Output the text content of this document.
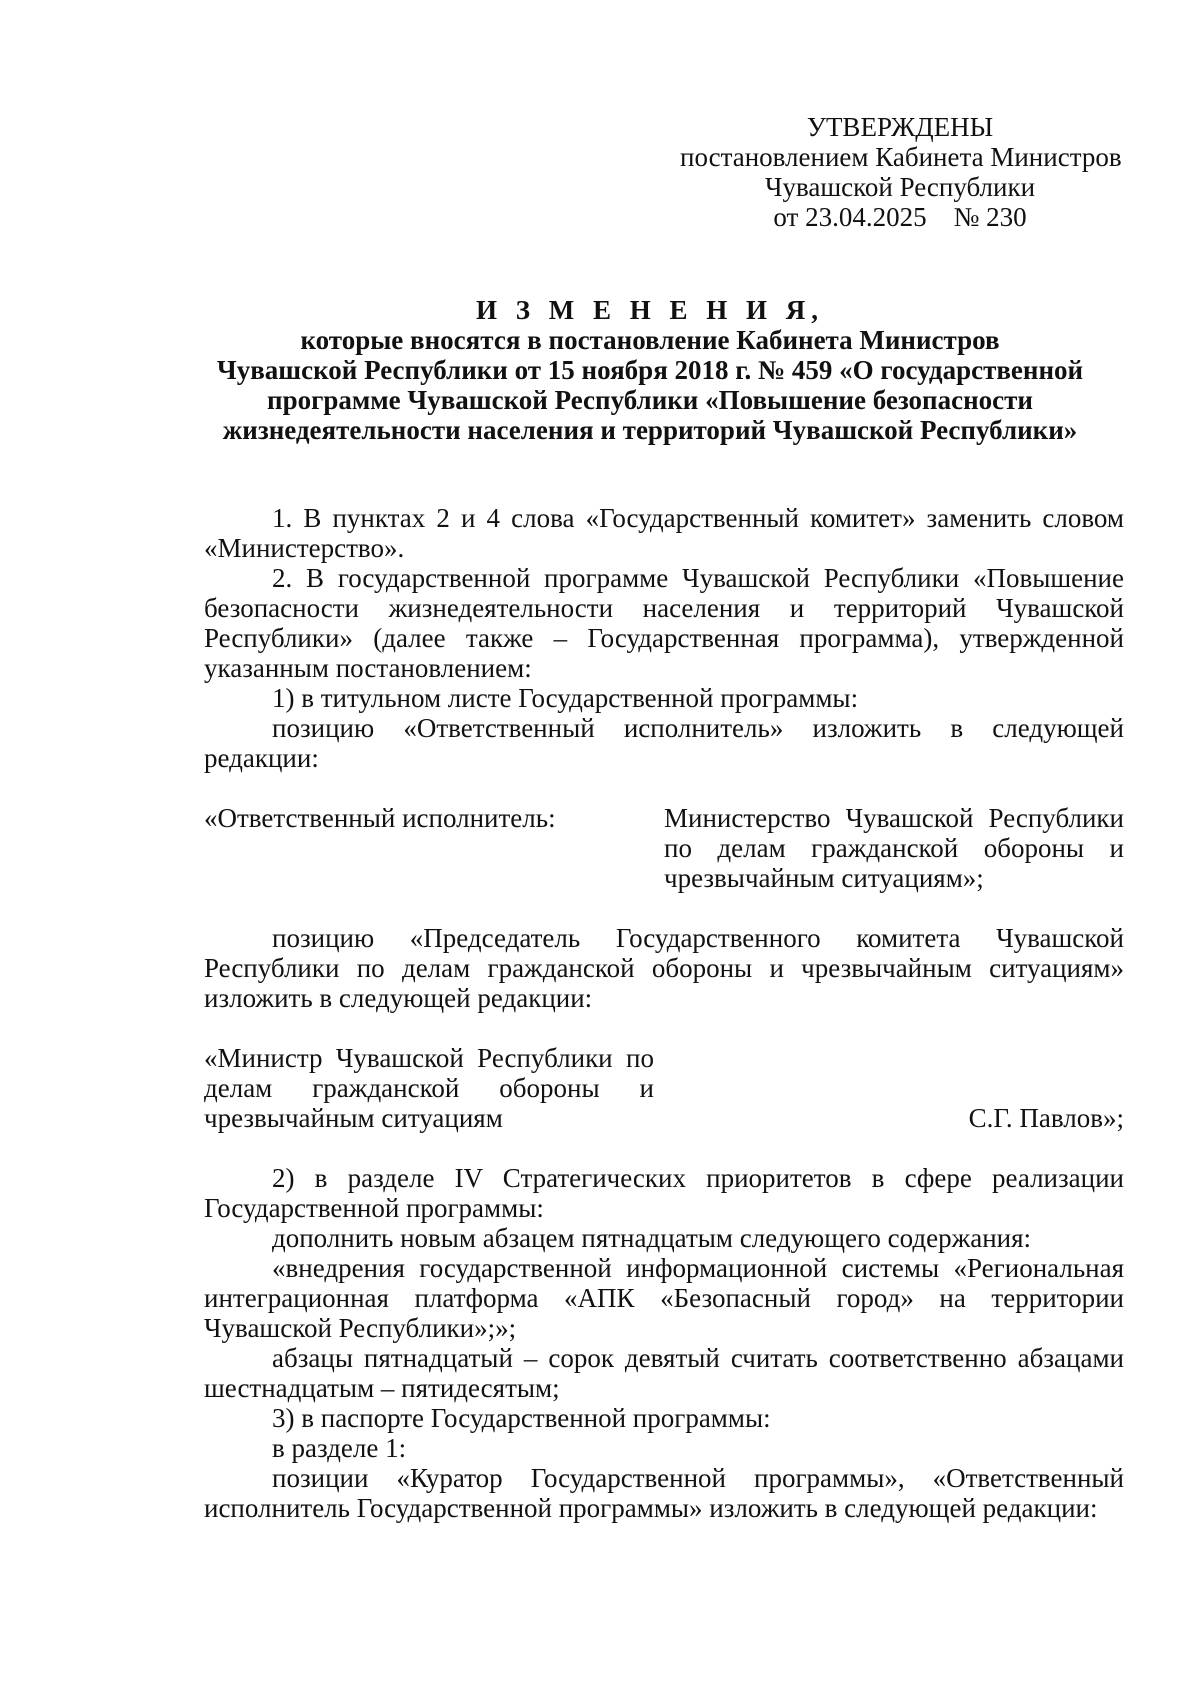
УТВЕРЖДЕНЫ
постановлением Кабинета Министров
Чувашской Республики
от 23.04.2025    № 230
И З М Е Н Е Н И Я,
которые вносятся в постановление Кабинета Министров
Чувашской Республики от 15 ноября 2018 г. № 459 «О государственной
программе Чувашской Республики «Повышение безопасности
жизнедеятельности населения и территорий Чувашской Республики»

1. В пунктах 2 и 4 слова «Государственный комитет» заменить словом «Министерство».

2. В государственной программе Чувашской Республики «Повышение безопасности жизнедеятельности населения и территорий Чувашской Республики» (далее также – Государственная программа), утвержденной указанным постановлением:

1) в титульном листе Государственной программы:

позицию «Ответственный исполнитель» изложить в следующей редакции:

«Ответственный исполнитель:	Министерство Чувашской Республики по делам гражданской обороны и чрезвычайным ситуациям»;

позицию «Председатель Государственного комитета Чувашской Республики по делам гражданской обороны и чрезвычайным ситуациям» изложить в следующей редакции:

«Министр Чувашской Республики по делам гражданской обороны и чрезвычайным ситуациям	С.Г. Павлов»;

2) в разделе IV Стратегических приоритетов в сфере реализации Государственной программы:

дополнить новым абзацем пятнадцатым следующего содержания:

«внедрения государственной информационной системы «Региональная интеграционная платформа «АПК «Безопасный город» на территории Чувашской Республики»;»;

абзацы пятнадцатый – сорок девятый считать соответственно абзацами шестнадцатым – пятидесятым;

3) в паспорте Государственной программы:

в разделе 1:

позиции «Куратор Государственной программы», «Ответственный исполнитель Государственной программы» изложить в следующей редакции:
